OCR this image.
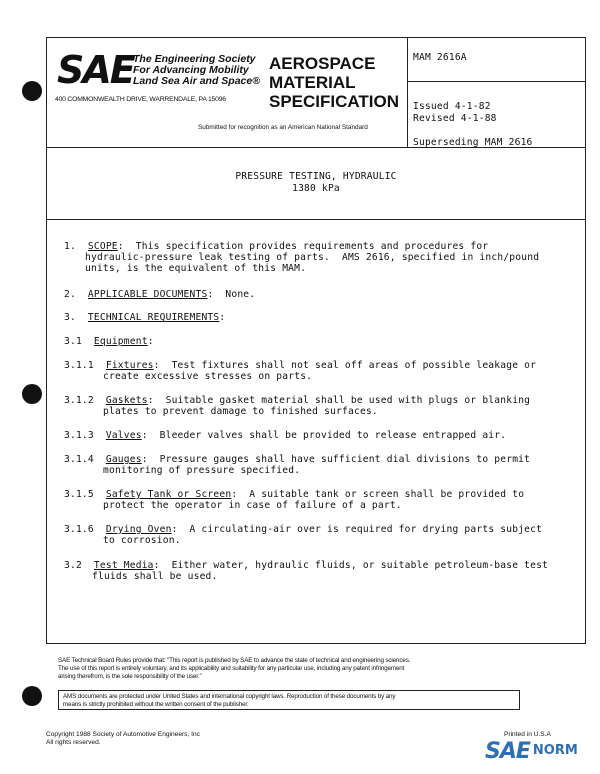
SAE The Engineering Society
For Advancing Mobility
Land Sea Air and Space®
400 COMMONWEALTH DRIVE, WARRENDALE, PA 15096
AEROSPACE
MATERIAL
SPECIFICATION
Submitted for recognition as an American National Standard
MAM 2616A
Issued 4-1-82
Revised 4-1-88
Superseding MAM 2616
PRESSURE TESTING, HYDRAULIC
1380 kPa
1. SCOPE:  This specification provides requirements and procedures for
hydraulic-pressure leak testing of parts.  AMS 2616, specified in inch/pound
units, is the equivalent of this MAM.
2. APPLICABLE DOCUMENTS:  None.
3. TECHNICAL REQUIREMENTS:
3.1 Equipment:
3.1.1 Fixtures:  Test fixtures shall not seal off areas of possible leakage or
create excessive stresses on parts.
3.1.2 Gaskets:  Suitable gasket material shall be used with plugs or blanking
plates to prevent damage to finished surfaces.
3.1.3 Valves:  Bleeder valves shall be provided to release entrapped air.
3.1.4 Gauges:  Pressure gauges shall have sufficient dial divisions to permit
monitoring of pressure specified.
3.1.5 Safety Tank or Screen:  A suitable tank or screen shall be provided to
protect the operator in case of failure of a part.
3.1.6 Drying Oven:  A circulating-air over is required for drying parts subject
to corrosion.
3.2 Test Media:  Either water, hydraulic fluids, or suitable petroleum-base test
fluids shall be used.
SAE Technical Board Rules provide that: "This report is published by SAE to advance the state of technical and engineering sciences.
The use of this report is entirely voluntary, and its applicability and suitability for any particular use, including any patent infringement
arising therefrom, is the sole responsibility of the user."
AMS documents are protected under United States and international copyright laws. Reproduction of these documents by any
means is strictly prohibited without the written consent of the publisher.
Copyright 1988 Society of Automotive Engineers, Inc
All rights reserved.
Printed in U.S.A
SAE $^{NORM}$
